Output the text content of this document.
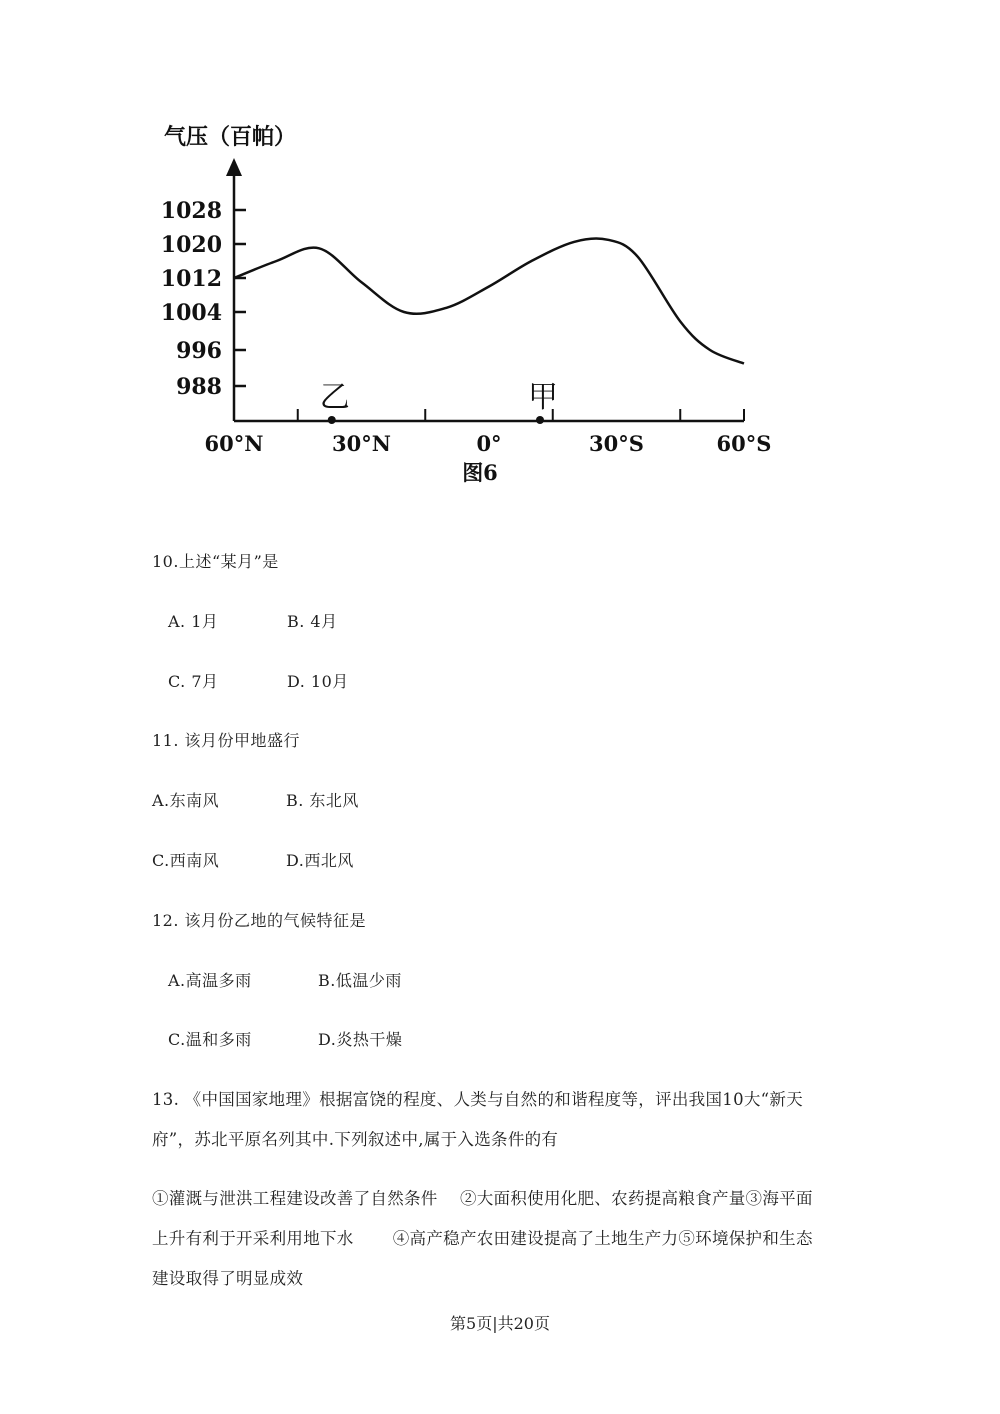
1028
1020
1012
1004
996
988
60°N	30°N	0°	30°S	60°S
乙	甲
气压（百帕）
图6
10.上述“某月”是
A. 1月	B. 4月
C. 7月	D. 10月
11. 该月份甲地盛行
A.东南风	B. 东北风
C.西南风	D.西北风
12. 该月份乙地的气候特征是
A.高温多雨	B.低温少雨
C.温和多雨	D.炎热干燥
13. 《中国国家地理》根据富饶的程度、人类与自然的和谐程度等，评出我国10大“新天
府”，苏北平原名列其中.下列叙述中,属于入选条件的有
①灌溉与泄洪工程建设改善了自然条件　 ②大面积使用化肥、农药提高粮食产量③海平面
上升有利于开采利用地下水　　 ④高产稳产农田建设提高了土地生产力⑤环境保护和生态
建设取得了明显成效
第5页|共20页
